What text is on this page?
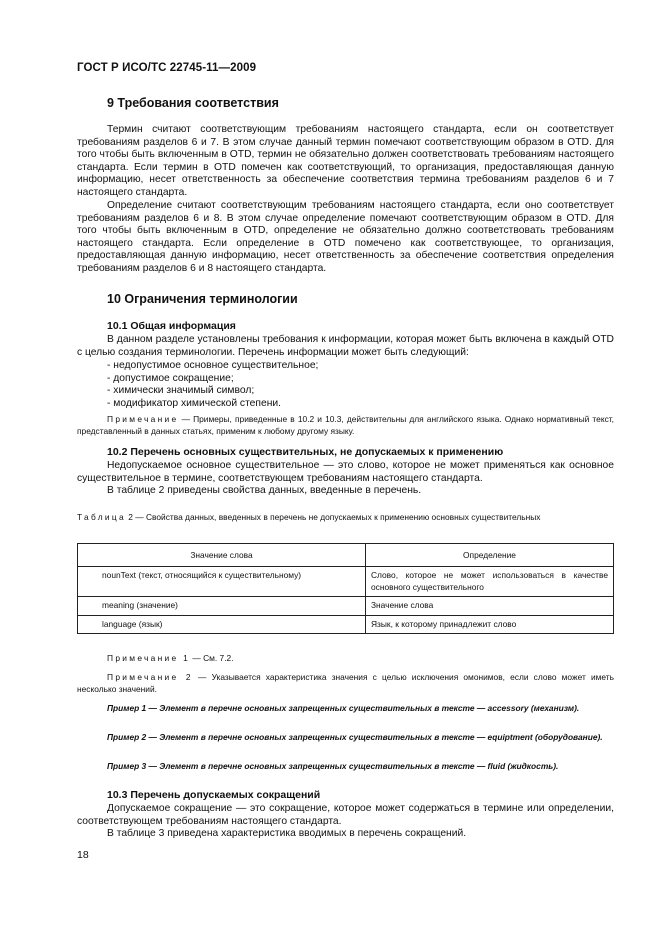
ГОСТ Р ИСО/ТС 22745-11—2009
9 Требования соответствия
Термин считают соответствующим требованиям настоящего стандарта, если он соответствует требованиям разделов 6 и 7. В этом случае данный термин помечают соответствующим образом в OTD. Для того чтобы быть включенным в OTD, термин не обязательно должен соответствовать требованиям настоящего стандарта. Если термин в OTD помечен как соответствующий, то организация, предоставляющая данную информацию, несет ответственность за обеспечение соответствия термина требованиям разделов 6 и 7 настоящего стандарта.
Определение считают соответствующим требованиям настоящего стандарта, если оно соответствует требованиям разделов 6 и 8. В этом случае определение помечают соответствующим образом в OTD. Для того чтобы быть включенным в OTD, определение не обязательно должно соответствовать требованиям настоящего стандарта. Если определение в OTD помечено как соответствующее, то организация, предоставляющая данную информацию, несет ответственность за обеспечение соответствия определения требованиям разделов 6 и 8 настоящего стандарта.
10 Ограничения терминологии
10.1 Общая информация
В данном разделе установлены требования к информации, которая может быть включена в каждый OTD с целью создания терминологии. Перечень информации может быть следующий:
- недопустимое основное существительное;
- допустимое сокращение;
- химически значимый символ;
- модификатор химической степени.
Примечание — Примеры, приведенные в 10.2 и 10.3, действительны для английского языка. Однако нормативный текст, представленный в данных статьях, применим к любому другому языку.
10.2 Перечень основных существительных, не допускаемых к применению
Недопускаемое основное существительное — это слово, которое не может применяться как основное существительное в термине, соответствующем требованиям настоящего стандарта.
В таблице 2 приведены свойства данных, введенные в перечень.
Таблица 2 — Свойства данных, введенных в перечень не допускаемых к применению основных существительных
Значение слова	Определение
nounText (текст, относящийся к существительному)	Слово, которое не может использоваться в качестве основного существительного
meaning (значение)	Значение слова
language (язык)	Язык, к которому принадлежит слово
Примечание 1 — См. 7.2.
Примечание 2 — Указывается характеристика значения с целью исключения омонимов, если слово может иметь несколько значений.
Пример 1 — Элемент в перечне основных запрещенных существительных в тексте — accessory (механизм).
Пример 2 — Элемент в перечне основных запрещенных существительных в тексте — equiptment (оборудование).
Пример 3 — Элемент в перечне основных запрещенных существительных в тексте — fluid (жидкость).
10.3 Перечень допускаемых сокращений
Допускаемое сокращение — это сокращение, которое может содержаться в термине или определении, соответствующем требованиям настоящего стандарта.
В таблице 3 приведена характеристика вводимых в перечень сокращений.
18
